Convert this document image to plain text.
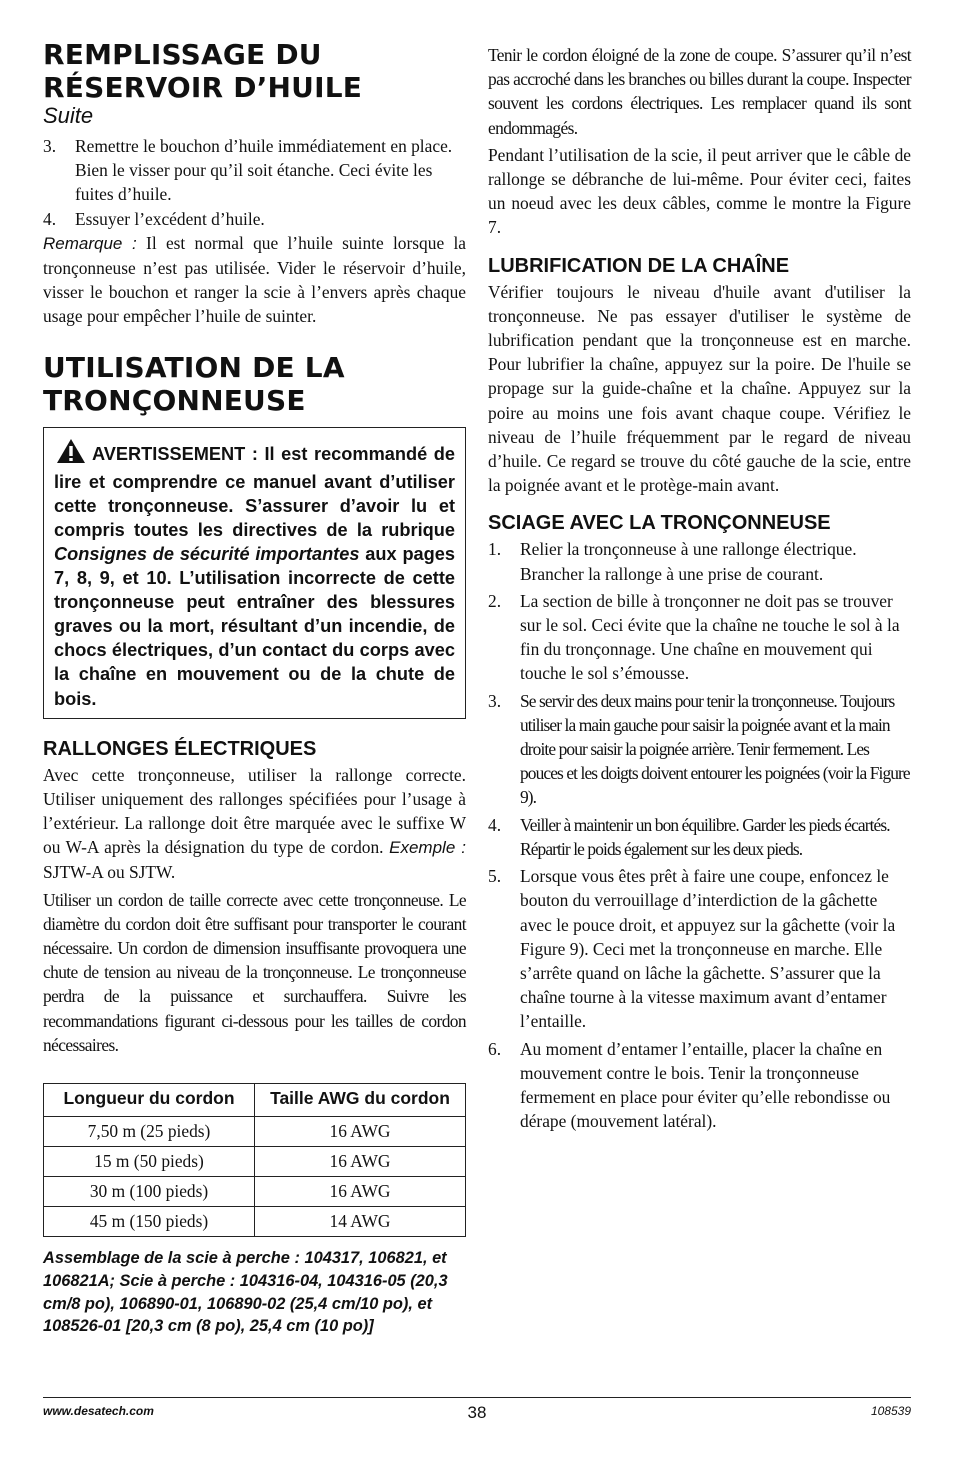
REMPLISSAGE DU RÉSERVOIR D’HUILE
Suite
3. Remettre le bouchon d’huile immédiatement en place. Bien le visser pour qu’il soit étanche. Ceci évite les fuites d’huile.
4. Essuyer l’excédent d’huile.

Remarque : Il est normal que l’huile suinte lorsque la tronçonneuse n’est pas utilisée. Vider le réservoir d’huile, visser le bouchon et ranger la scie à l’envers après chaque usage pour empêcher l’huile de suinter.

UTILISATION DE LA TRONÇONNEUSE

AVERTISSEMENT : Il est recommandé de lire et comprendre ce manuel avant d’utiliser cette tronçonneuse. S’assurer d’avoir lu et compris toutes les directives de la rubrique Consignes de sécurité importantes aux pages 7, 8, 9, et 10. L’utilisation incorrecte de cette tronçonneuse peut entraîner des blessures graves ou la mort, résultant d’un incendie, de chocs électriques, d’un contact du corps avec la chaîne en mouvement ou de la chute de bois.

RALLONGES ÉLECTRIQUES

Avec cette tronçonneuse, utiliser la rallonge correcte. Utiliser uniquement des rallonges spécifiées pour l’usage à l’extérieur. La rallonge doit être marquée avec le suffixe W ou W-A après la désignation du type de cordon. Exemple : SJTW-A ou SJTW.

Utiliser un cordon de taille correcte avec cette tronçonneuse. Le diamètre du cordon doit être suffisant pour transporter le courant nécessaire. Un cordon de dimension insuffisante provoquera une chute de tension au niveau de la tronçonneuse. Le tronçonneuse perdra de la puissance et surchauffera. Suivre les recommandations figurant ci-dessous pour les tailles de cordon nécessaires.

Longueur du cordon	Taille AWG du cordon
7,50 m (25 pieds)	16 AWG
15 m (50 pieds)	16 AWG
30 m (100 pieds)	16 AWG
45 m (150 pieds)	14 AWG
Assemblage de la scie à perche : 104317, 106821, et 106821A; Scie à perche : 104316-04, 104316-05 (20,3 cm/8 po), 106890-01, 106890-02 (25,4 cm/10 po), et 108526-01 [20,3 cm (8 po), 25,4 cm (10 po)]

Tenir le cordon éloigné de la zone de coupe. S’assurer qu’il n’est pas accroché dans les branches ou billes durant la coupe. Inspecter souvent les cordons électriques. Les remplacer quand ils sont endommagés.

Pendant l’utilisation de la scie, il peut arriver que le câble de rallonge se débranche de lui-même. Pour éviter ceci, faites un noeud avec les deux câbles, comme le montre la Figure 7.

LUBRIFICATION DE LA CHAÎNE

Vérifier toujours le niveau d'huile avant d'utiliser la tronçonneuse. Ne pas essayer d'utiliser le système de lubrification pendant que la tronçonneuse est en marche. Pour lubrifier la chaîne, appuyez sur la poire. De l'huile se propage sur la guide-chaîne et la chaîne. Appuyez sur la poire au moins une fois avant chaque coupe. Vérifiez le niveau de l’huile fréquemment par le regard de niveau d’huile. Ce regard se trouve du côté gauche de la scie, entre la poignée avant et le protège-main avant.

SCIAGE AVEC LA TRONÇONNEUSE
1. Relier la tronçonneuse à une rallonge électrique. Brancher la rallonge à une prise de courant.
2. La section de bille à tronçonner ne doit pas se trouver sur le sol. Ceci évite que la chaîne ne touche le sol à la fin du tronçonnage. Une chaîne en mouvement qui touche le sol s’émousse.
3. Se servir des deux mains pour tenir la tronçonneuse. Toujours utiliser la main gauche pour saisir la poignée avant et la main droite pour saisir la poignée arrière. Tenir fermement. Les pouces et les doigts doivent entourer les poignées (voir la Figure 9).
4. Veiller à maintenir un bon équilibre. Garder les pieds écartés. Répartir le poids également sur les deux pieds.
5. Lorsque vous êtes prêt à faire une coupe, enfoncez le bouton du verrouillage d’interdiction de la gâchette avec le pouce droit, et appuyez sur la gâchette (voir la Figure 9). Ceci met la tronçonneuse en marche. Elle s’arrête quand on lâche la gâchette. S’assurer que la chaîne tourne à la vitesse maximum avant d’entamer l’entaille.
6. Au moment d’entamer l’entaille, placer la chaîne en mouvement contre le bois. Tenir la tronçonneuse fermement en place pour éviter qu’elle rebondisse ou dérape (mouvement latéral).
www.desatech.com	38	108539
